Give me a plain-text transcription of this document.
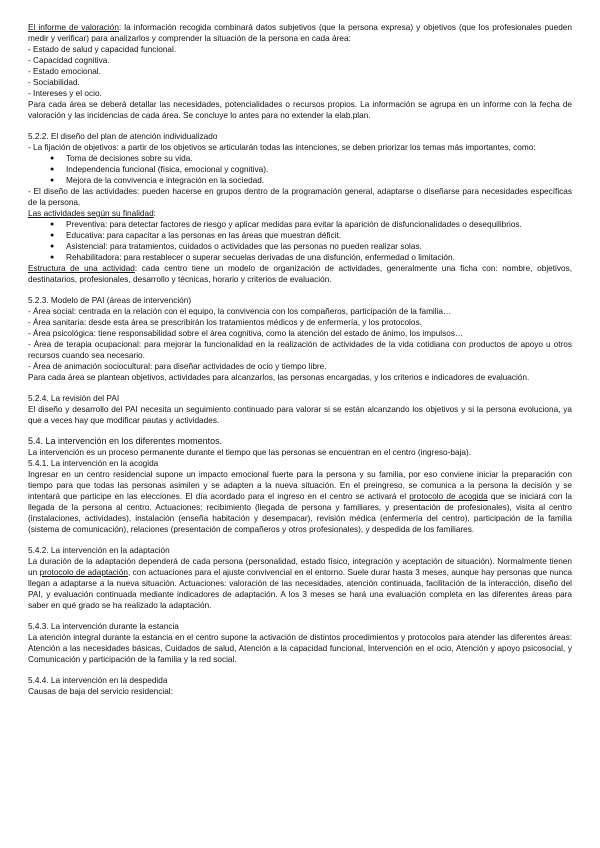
El informe de valoración: la información recogida combinará datos subjetivos (que la persona expresa) y objetivos (que los profesionales pueden medir y verificar) para analizarlos y comprender la situación de la persona en cada área:

- Estado de salud y capacidad funcional.

- Capacidad cognitiva.

- Estado emocional.

- Sociabilidad.

- Intereses y el ocio.

Para cada área se deberá detallar las necesidades, potencialidades o recursos propios. La información se agrupa en un informe con la fecha de valoración y las incidencias de cada área. Se concluye lo antes para no extender la elab.plan.

5.2.2. El diseño del plan de atención individualizado

- La fijación de objetivos: a partir de los objetivos se articularán todas las intenciones, se deben priorizar los temas más importantes, como:

● Toma de decisiones sobre su vida.
● Independencia funcional (física, emocional y cognitiva).
● Mejora de la convivencia e integración en la sociedad.

- El diseño de las actividades: pueden hacerse en grupos dentro de la programación general, adaptarse o diseñarse para necesidades específicas de la persona.

Las actividades según su finalidad:

● Preventiva: para detectar factores de riesgo y aplicar medidas para evitar la aparición de disfuncionalidades o desequilibrios.
● Educativa: para capacitar a las personas en las áreas que muestran déficit.
● Asistencial: para tratamientos, cuidados o actividades que las personas no pueden realizar solas.
● Rehabilitadora: para restablecer o superar secuelas derivadas de una disfunción, enfermedad o limitación.

Estructura de una actividad: cada centro tiene un modelo de organización de actividades, generalmente una ficha con: nombre, objetivos, destinatarios, profesionales, desarrollo y técnicas, horario y criterios de evaluación.

5.2.3. Modelo de PAI (áreas de intervención)

- Área social: centrada en la relación con el equipo, la convivencia con los compañeros, participación de la familia…

- Área sanitaria: desde esta área se prescribirán los tratamientos médicos y de enfermería, y los protocolos.

- Área psicológica: tiene responsabilidad sobre el área cognitiva, como la atención del estado de ánimo, los impulsos…

- Área de terapia ocupacional: para mejorar la funcionalidad en la realización de actividades de la vida cotidiana con productos de apoyo u otros recursos cuando sea necesario.

- Área de animación sociocultural: para diseñar actividades de ocio y tiempo libre.

Para cada área se plantean objetivos, actividades para alcanzarlos, las personas encargadas, y los criterios e indicadores de evaluación.

5.2.4. La revisión del PAI

El diseño y desarrollo del PAI necesita un seguimiento continuado para valorar si se están alcanzando los objetivos y si la persona evoluciona, ya que a veces hay que modificar pautas y actividades.

5.4. La intervención en los diferentes momentos.

La intervención es un proceso permanente durante el tiempo que las personas se encuentran en el centro (ingreso-baja).

5.4.1. La intervención en la acogida

Ingresar en un centro residencial supone un impacto emocional fuerte para la persona y su familia, por eso conviene iniciar la preparación con tiempo para que todas las personas asimilen y se adapten a la nueva situación. En el preingreso, se comunica a la persona la decisión y se intentará que participe en las elecciones. El día acordado para el ingreso en el centro se activará el protocolo de acogida que se iniciará con la llegada de la persona al centro. Actuaciones: recibimiento (llegada de persona y familiares, y presentación de profesionales), visita al centro (instalaciones, actividades), instalación (enseña habitación y desempacar), revisión médica (enfermería del centro), participación de la familia (sistema de comunicación), relaciones (presentación de compañeros y otros profesionales), y despedida de los familiares.

5.4.2. La intervención en la adaptación

La duración de la adaptación dependerá de cada persona (personalidad, estado físico, integración y aceptación de situación). Normalmente tienen un protocolo de adaptación, con actuaciones para el ajuste convivencial en el entorno. Suele durar hasta 3 meses, aunque hay personas que nunca llegan a adaptarse a la nueva situación. Actuaciones: valoración de las necesidades, atención continuada, facilitación de la interacción, diseño del PAI, y evaluación continuada mediante indicadores de adaptación. A los 3 meses se hará una evaluación completa en las diferentes áreas para saber en qué grado se ha realizado la adaptación.

5.4.3. La intervención durante la estancia

La atención integral durante la estancia en el centro supone la activación de distintos procedimientos y protocolos para atender las diferentes áreas: Atención a las necesidades básicas, Cuidados de salud, Atención a la capacidad funcional, Intervención en el ocio, Atención y apoyo psicosocial, y Comunicación y participación de la familia y la red social.

5.4.4. La intervención en la despedida

Causas de baja del servicio residencial:
